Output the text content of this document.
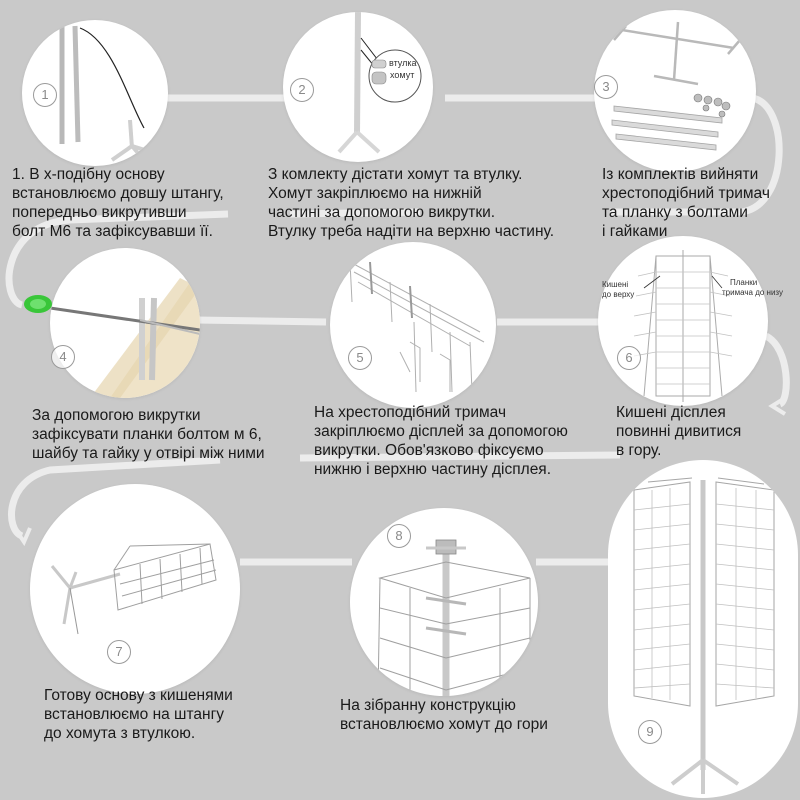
1

1. В х-подібну основу
встановлюємо довшу штангу,
попередньо викрутивши
болт М6 та зафіксувавши її.

втулка
хомут
2

З комлекту дістати хомут та втулку.
Хомут закріплюємо на нижній
частині за допомогою викрутки.
Втулку треба надіти на верхню частину.

3

Із комплектів вийняти
хрестоподібний тримач
та планку з болтами
і гайками

4

За допомогою викрутки
зафіксувати планки болтом м 6,
шайбу та гайку у отвірі між ними

5

На хрестоподібний тримач
закріплюємо дісплей за допомогою
викрутки. Обов'язково фіксуємо
нижню і верхню частину дісплея.

Кишені
до верху
Планки
тримача до низу
6

Кишені дісплея
повинні дивитися
в гору.

7

Готову основу з кишенями
встановлюємо на штангу
до хомута з втулкою.

8

На зібранну конструкцію
встановлюємо хомут до гори	9
